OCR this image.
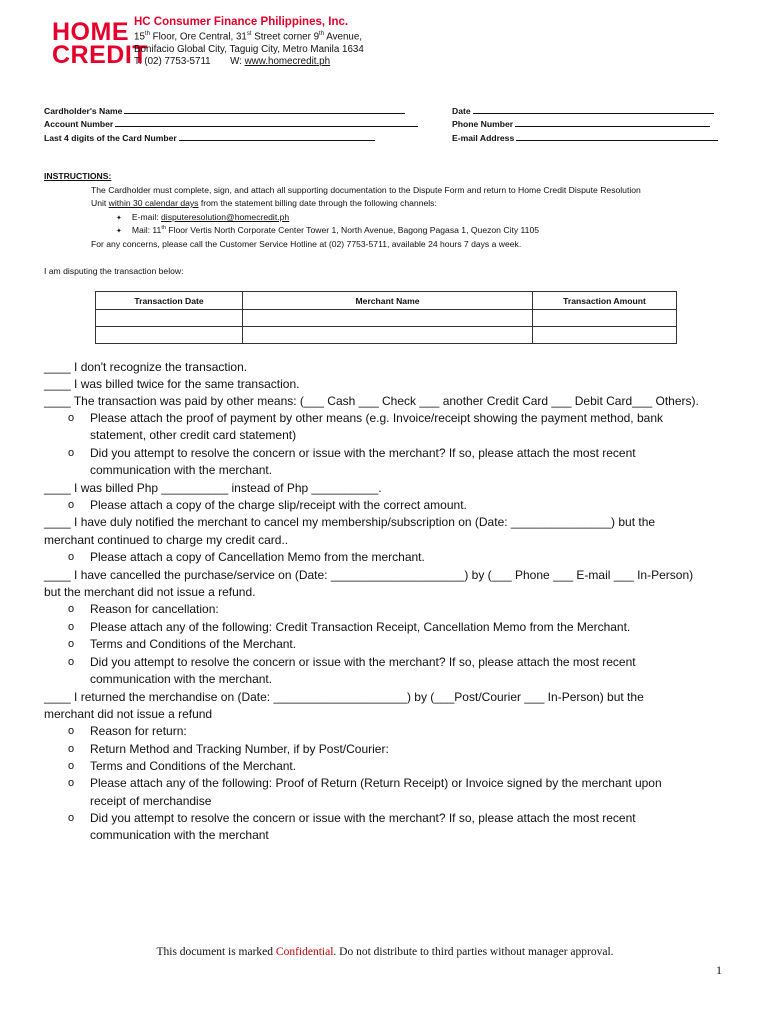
HOME
CREDIT
HC Consumer Finance Philippines, Inc.
15th Floor, Ore Central, 31st Street corner 9th Avenue,
Bonifacio Global City, Taguig City, Metro Manila 1634
T: (02) 7753-5711 W: www.homecredit.ph
Cardholder's Name
Account Number
Last 4 digits of the Card Number
Date
Phone Number
E-mail Address
INSTRUCTIONS:
The Cardholder must complete, sign, and attach all supporting documentation to the Dispute Form and return to Home Credit Dispute Resolution
Unit within 30 calendar days from the statement billing date through the following channels:
✦ E-mail: disputeresolution@homecredit.ph
✦ Mail: 11th Floor Vertis North Corporate Center Tower 1, North Avenue, Bagong Pagasa 1, Quezon City 1105
For any concerns, please call the Customer Service Hotline at (02) 7753-5711, available 24 hours 7 days a week.
I am disputing the transaction below:
Transaction Date	Merchant Name	Transaction Amount

____ I don't recognize the transaction.
____ I was billed twice for the same transaction.
____ The transaction was paid by other means: (___ Cash ___ Check ___ another Credit Card ___ Debit Card___ Others).
o Please attach the proof of payment by other means (e.g. Invoice/receipt showing the payment method, bank
statement, other credit card statement)
o Did you attempt to resolve the concern or issue with the merchant? If so, please attach the most recent
communication with the merchant.
____ I was billed Php __________ instead of Php __________.
o Please attach a copy of the charge slip/receipt with the correct amount.
____ I have duly notified the merchant to cancel my membership/subscription on (Date: _______________) but the
merchant continued to charge my credit card..
o Please attach a copy of Cancellation Memo from the merchant.
____ I have cancelled the purchase/service on (Date: ____________________) by (___ Phone ___ E-mail ___ In-Person)
but the merchant did not issue a refund.
o Reason for cancellation:
o Please attach any of the following: Credit Transaction Receipt, Cancellation Memo from the Merchant.
o Terms and Conditions of the Merchant.
o Did you attempt to resolve the concern or issue with the merchant? If so, please attach the most recent
communication with the merchant.
____ I returned the merchandise on (Date: ____________________) by (___Post/Courier ___ In-Person) but the
merchant did not issue a refund
o Reason for return:
o Return Method and Tracking Number, if by Post/Courier:
o Terms and Conditions of the Merchant.
o Please attach any of the following: Proof of Return (Return Receipt) or Invoice signed by the merchant upon
receipt of merchandise
o Did you attempt to resolve the concern or issue with the merchant? If so, please attach the most recent
communication with the merchant
This document is marked Confidential. Do not distribute to third parties without manager approval.
1
